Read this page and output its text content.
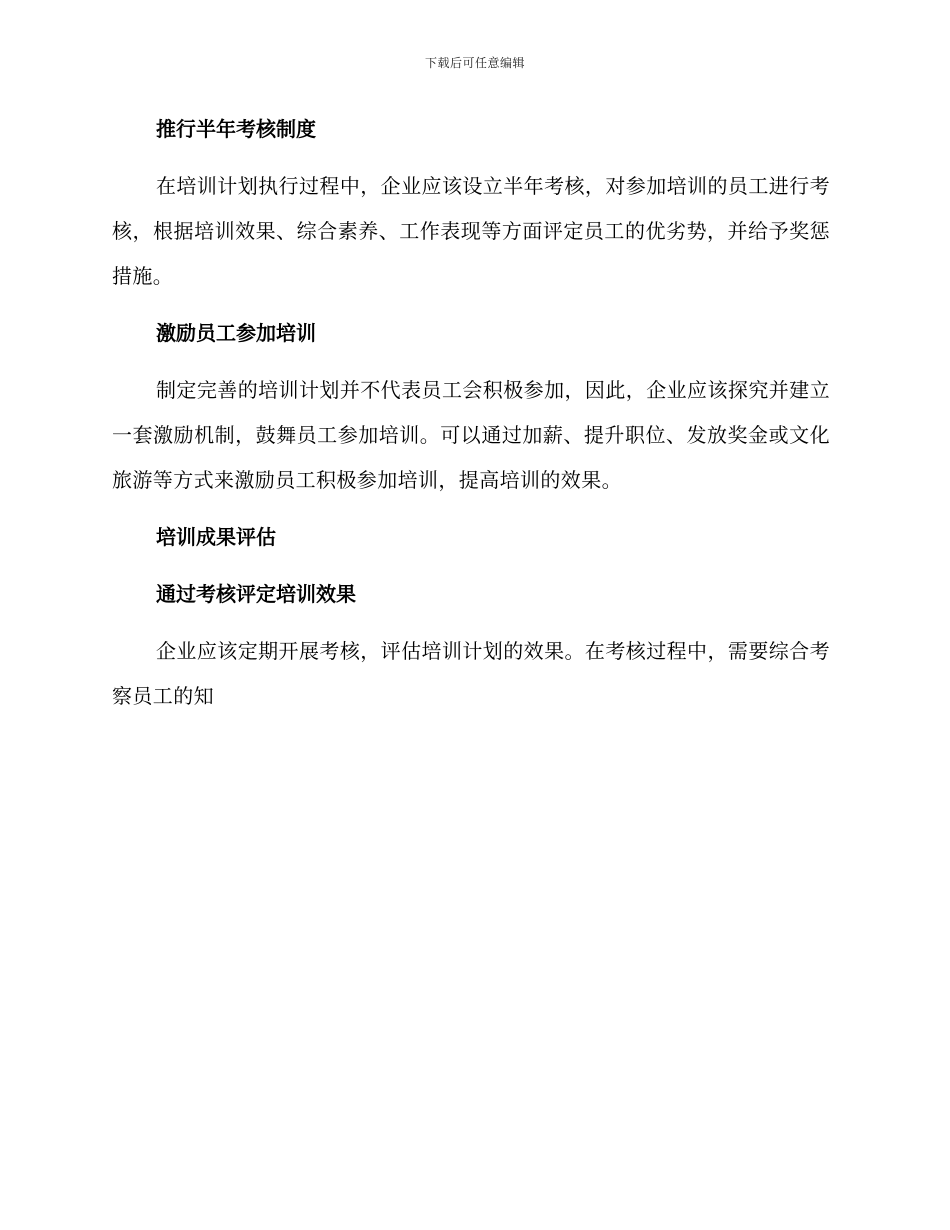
下载后可任意编辑
推行半年考核制度
在培训计划执行过程中，企业应该设立半年考核，对参加培训的员工进行考核，根据培训效果、综合素养、工作表现等方面评定员工的优劣势，并给予奖惩措施。
激励员工参加培训
制定完善的培训计划并不代表员工会积极参加，因此，企业应该探究并建立一套激励机制，鼓舞员工参加培训。可以通过加薪、提升职位、发放奖金或文化旅游等方式来激励员工积极参加培训，提高培训的效果。
培训成果评估
通过考核评定培训效果
企业应该定期开展考核，评估培训计划的效果。在考核过程中，需要综合考察员工的知
